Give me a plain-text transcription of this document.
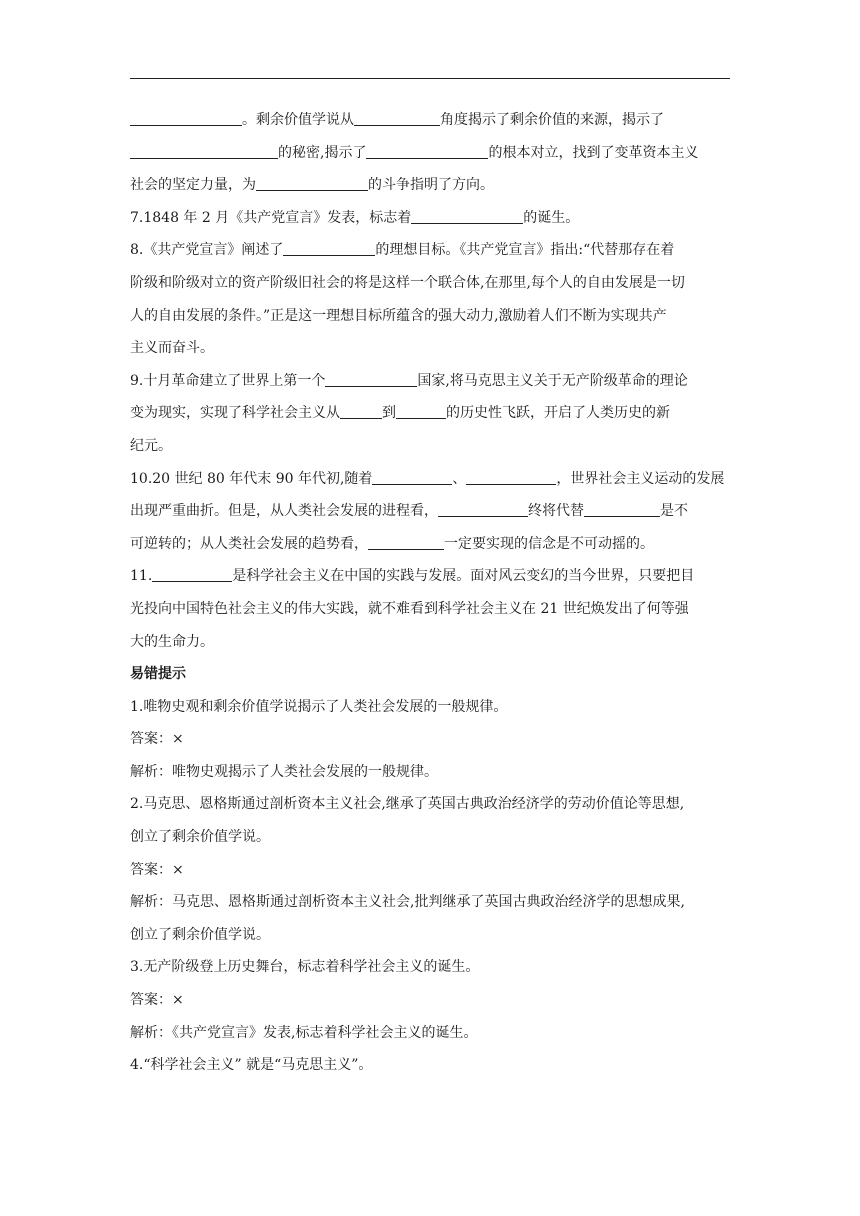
。剩余价值学说从	角度揭示了剩余价值的来源，揭示了

的秘密,揭示了	的根本对立，找到了变革资本主义

社会的坚定力量，为	的斗争指明了方向。

7.1848 年 2 月《共产党宣言》发表，标志着	的诞生。

8.《共产党宣言》阐述了	的理想目标。《共产党宣言》指出:“代替那存在着

阶级和阶级对立的资产阶级旧社会的将是这样一个联合体,在那里,每个人的自由发展是一切

人的自由发展的条件。”正是这一理想目标所蕴含的强大动力,激励着人们不断为实现共产

主义而奋斗。

9.十月革命建立了世界上第一个	国家,将马克思主义关于无产阶级革命的理论

变为现实，实现了科学社会主义从	到	的历史性飞跃，开启了人类历史的新

纪元。

10.20 世纪 80 年代末 90 年代初,随着	、	，世界社会主义运动的发展

出现严重曲折。但是，从人类社会发展的进程看，	终将代替	是不

可逆转的；从人类社会发展的趋势看，	一定要实现的信念是不可动摇的。

11.	是科学社会主义在中国的实践与发展。面对风云变幻的当今世界，只要把目

光投向中国特色社会主义的伟大实践，就不难看到科学社会主义在 21 世纪焕发出了何等强

大的生命力。

易错提示

1.唯物史观和剩余价值学说揭示了人类社会发展的一般规律。

答案：×

解析：唯物史观揭示了人类社会发展的一般规律。

2.马克思、恩格斯通过剖析资本主义社会,继承了英国古典政治经济学的劳动价值论等思想,

创立了剩余价值学说。

答案：×

解析：马克思、恩格斯通过剖析资本主义社会,批判继承了英国古典政治经济学的思想成果,

创立了剩余价值学说。

3.无产阶级登上历史舞台，标志着科学社会主义的诞生。

答案：×

解析：《共产党宣言》发表,标志着科学社会主义的诞生。

4.“科学社会主义” 就是“马克思主义”。
